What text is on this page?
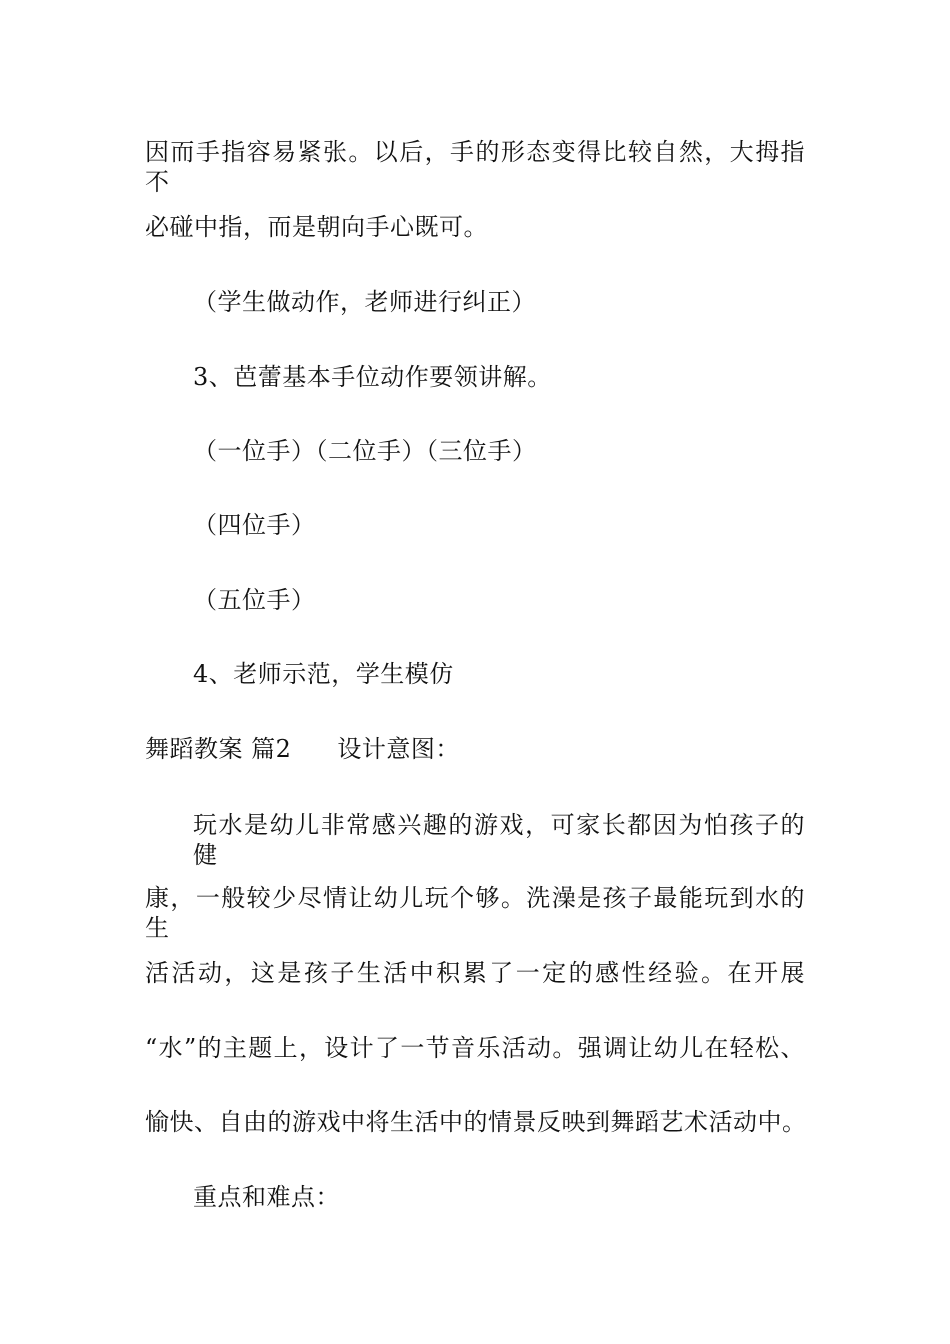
因而手指容易紧张。以后，手的形态变得比较自然，大拇指不
必碰中指，而是朝向手心既可。
（学生做动作，老师进行纠正）
3、芭蕾基本手位动作要领讲解。
（一位手）（二位手）（三位手）
（四位手）
（五位手）
4、老师示范，学生模仿
舞蹈教案 篇2 设计意图：
玩水是幼儿非常感兴趣的游戏，可家长都因为怕孩子的健
康，一般较少尽情让幼儿玩个够。洗澡是孩子最能玩到水的生
活活动，这是孩子生活中积累了一定的感性经验。在开展
“水”的主题上，设计了一节音乐活动。强调让幼儿在轻松、
愉快、自由的游戏中将生活中的情景反映到舞蹈艺术活动中。
重点和难点：
